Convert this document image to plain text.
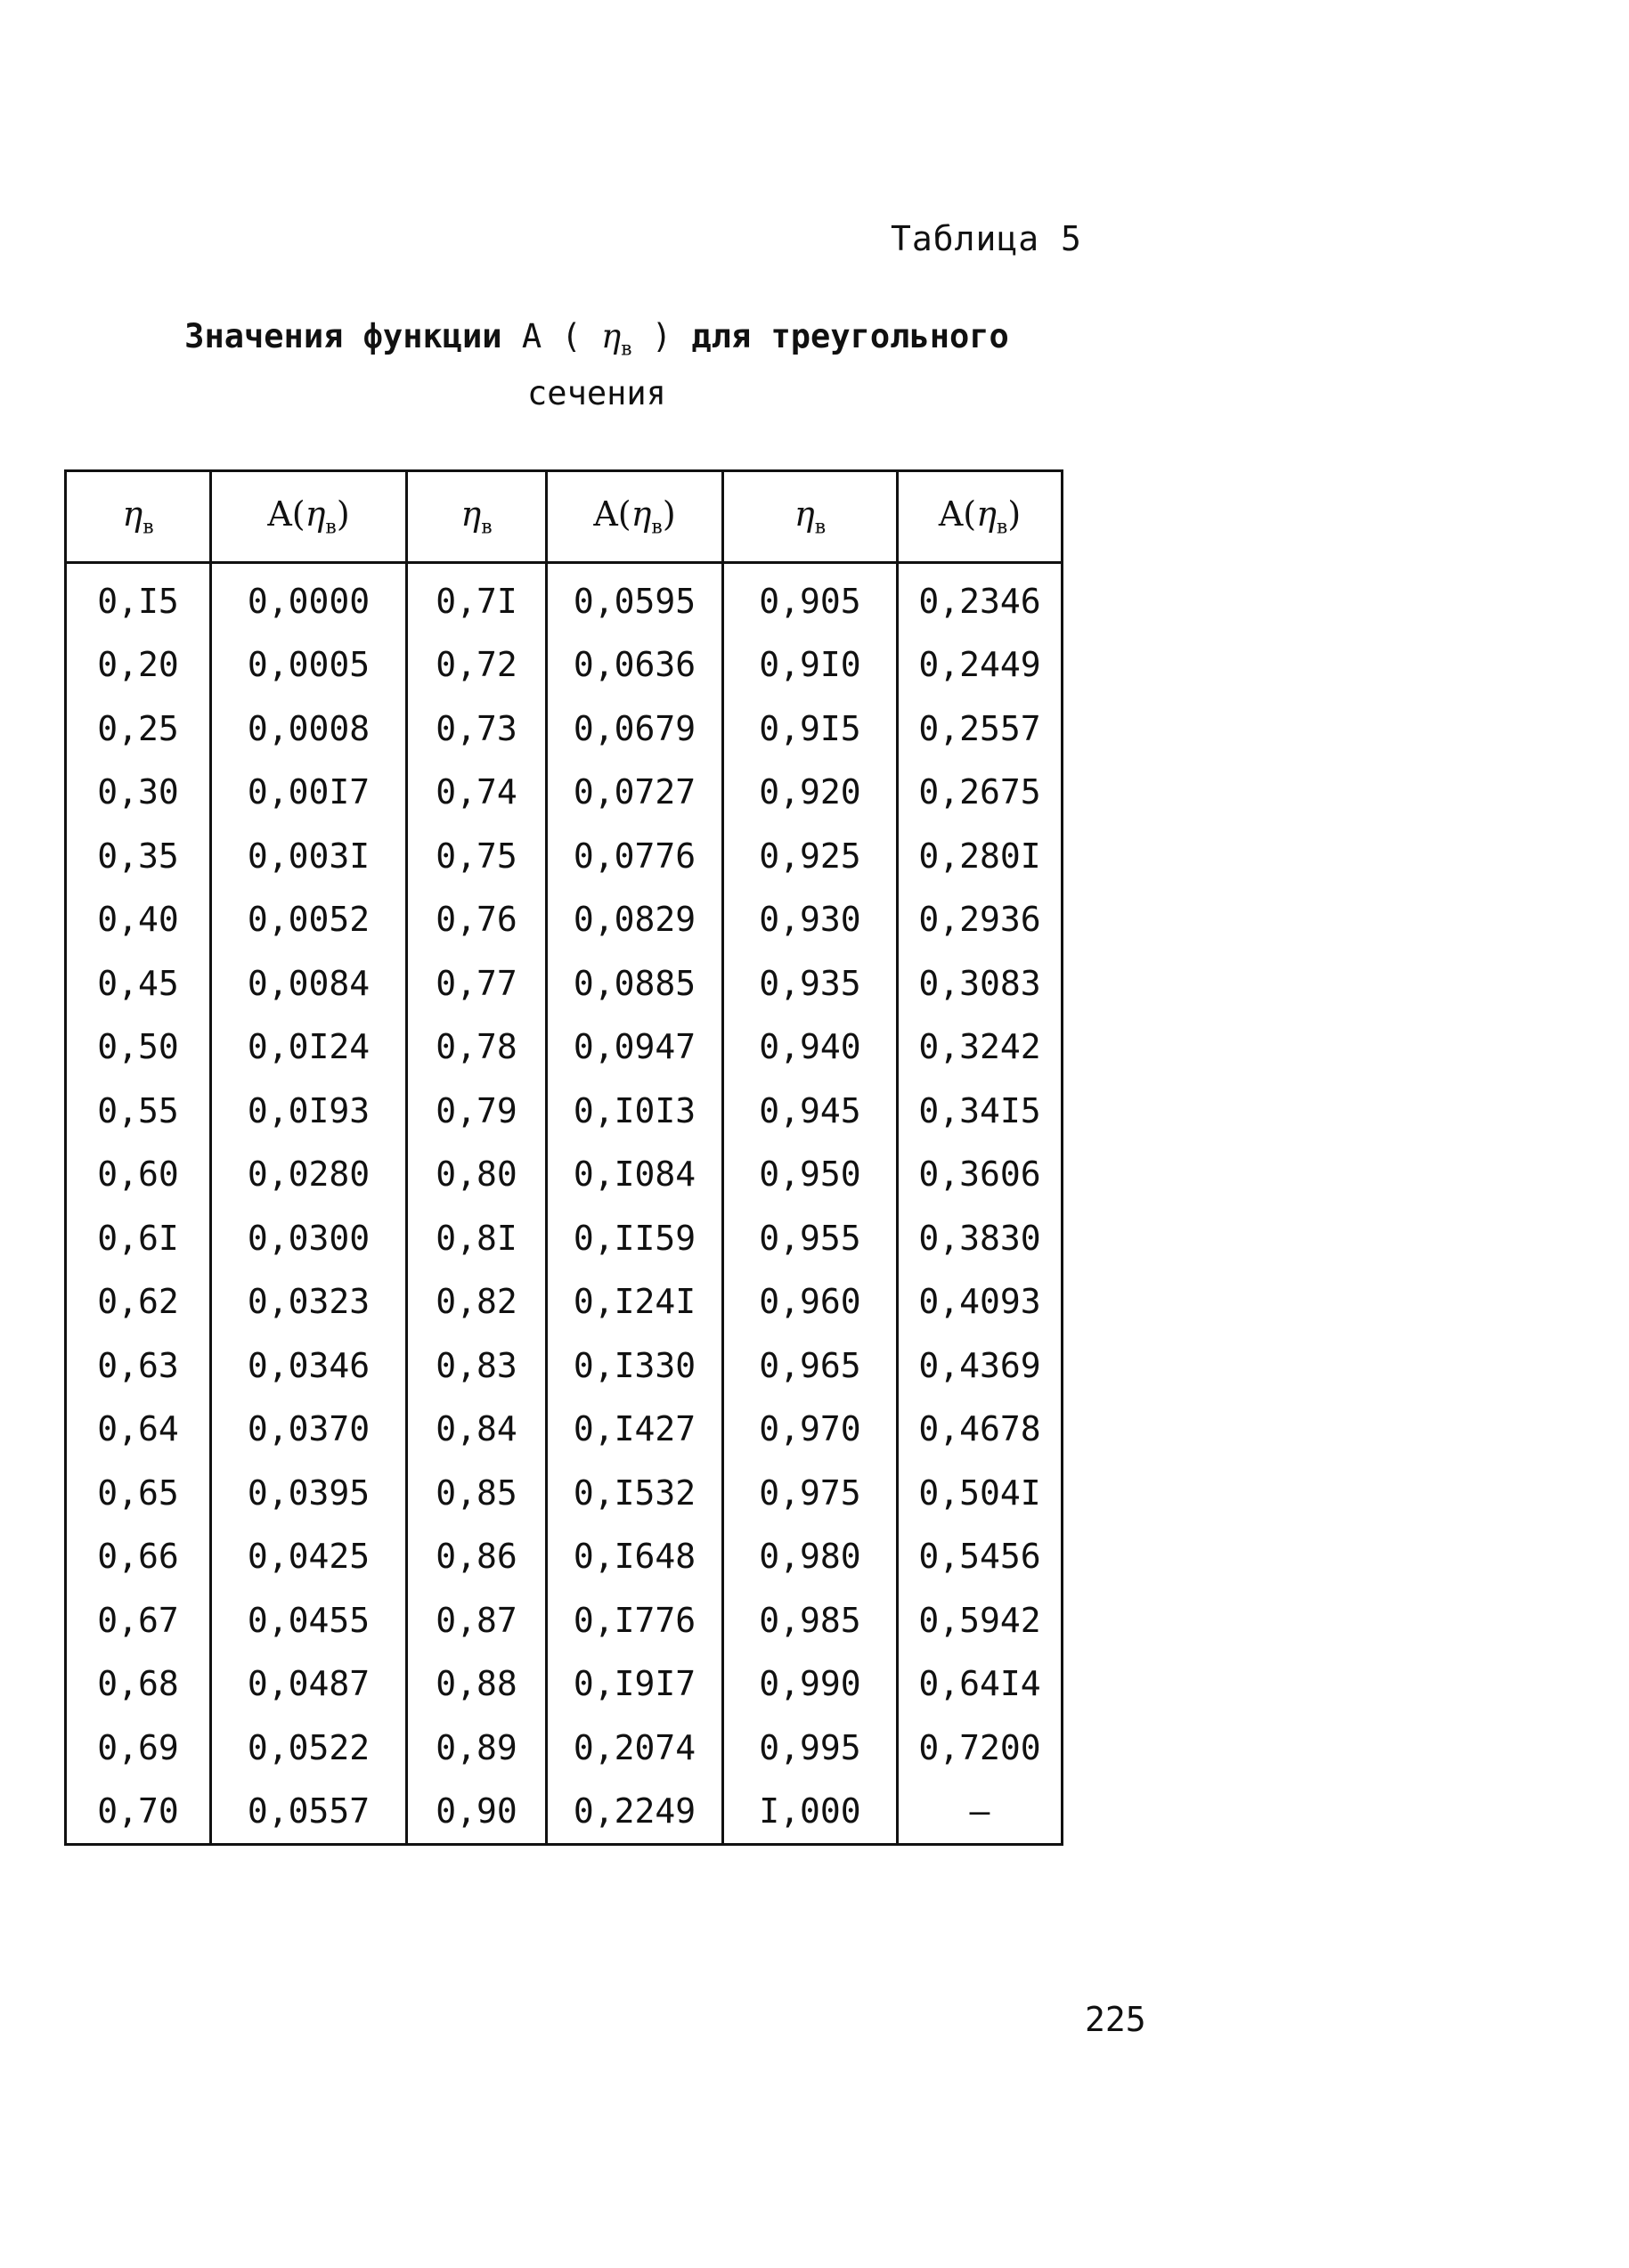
Таблица 5
Значения функции A ( $\eta_в$ ) для треугольного
сечения
$\eta_в$	$A(\eta_в)$	$\eta_в$	$A(\eta_в)$	$\eta_в$	$A(\eta_в)$
0,I5	0,0000	0,7I	0,0595	0,905	0,2346
0,20	0,0005	0,72	0,0636	0,9I0	0,2449
0,25	0,0008	0,73	0,0679	0,9I5	0,2557
0,30	0,00I7	0,74	0,0727	0,920	0,2675
0,35	0,003I	0,75	0,0776	0,925	0,280I
0,40	0,0052	0,76	0,0829	0,930	0,2936
0,45	0,0084	0,77	0,0885	0,935	0,3083
0,50	0,0I24	0,78	0,0947	0,940	0,3242
0,55	0,0I93	0,79	0,I0I3	0,945	0,34I5
0,60	0,0280	0,80	0,I084	0,950	0,3606
0,6I	0,0300	0,8I	0,II59	0,955	0,3830
0,62	0,0323	0,82	0,I24I	0,960	0,4093
0,63	0,0346	0,83	0,I330	0,965	0,4369
0,64	0,0370	0,84	0,I427	0,970	0,4678
0,65	0,0395	0,85	0,I532	0,975	0,504I
0,66	0,0425	0,86	0,I648	0,980	0,5456
0,67	0,0455	0,87	0,I776	0,985	0,5942
0,68	0,0487	0,88	0,I9I7	0,990	0,64I4
0,69	0,0522	0,89	0,2074	0,995	0,7200
0,70	0,0557	0,90	0,2249	I,000	–
225
